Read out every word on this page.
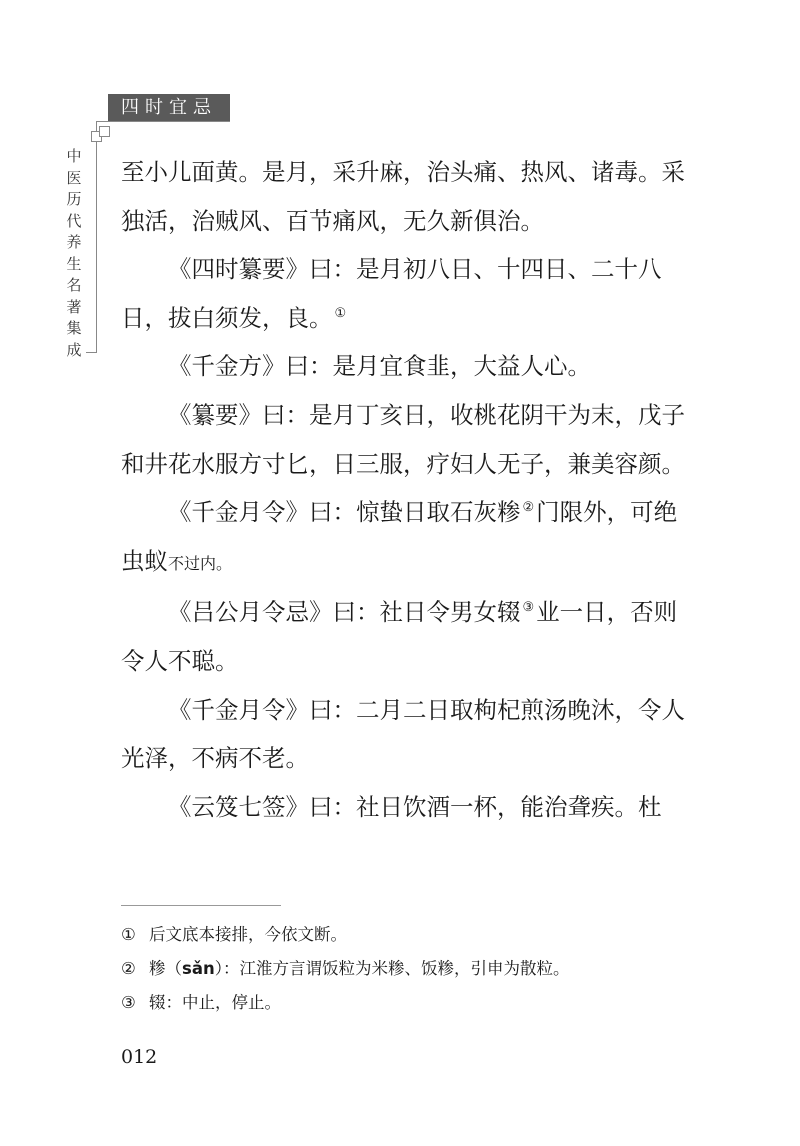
四时宜忌
中
医
历
代
养
生
名
著
集
成

至小儿面黄。是月，采升麻，治头痛、热风、诸毒。采独活，治贼风、百节痛风，无久新俱治。

《四时纂要》曰：是月初八日、十四日、二十八日，拔白须发，良。 ①

《千金方》曰：是月宜食韭，大益人心。

《纂要》曰：是月丁亥日，收桃花阴干为末，戊子和井花水服方寸匕，日三服，疗妇人无子，兼美容颜。

《千金月令》曰：惊蛰日取石灰糁 ②门限外，可绝虫蚁不过内。

《吕公月令忌》曰：社日令男女辍 ③业一日，否则令人不聪。

《千金月令》曰：二月二日取枸杞煎汤晚沐，令人光泽，不病不老。

《云笈七签》曰：社日饮酒一杯，能治聋疾。杜

① 后文底本接排，今依文断。

② 糁（sǎn）：江淮方言谓饭粒为米糁、饭糁，引申为散粒。

③ 辍：中止，停止。

012
